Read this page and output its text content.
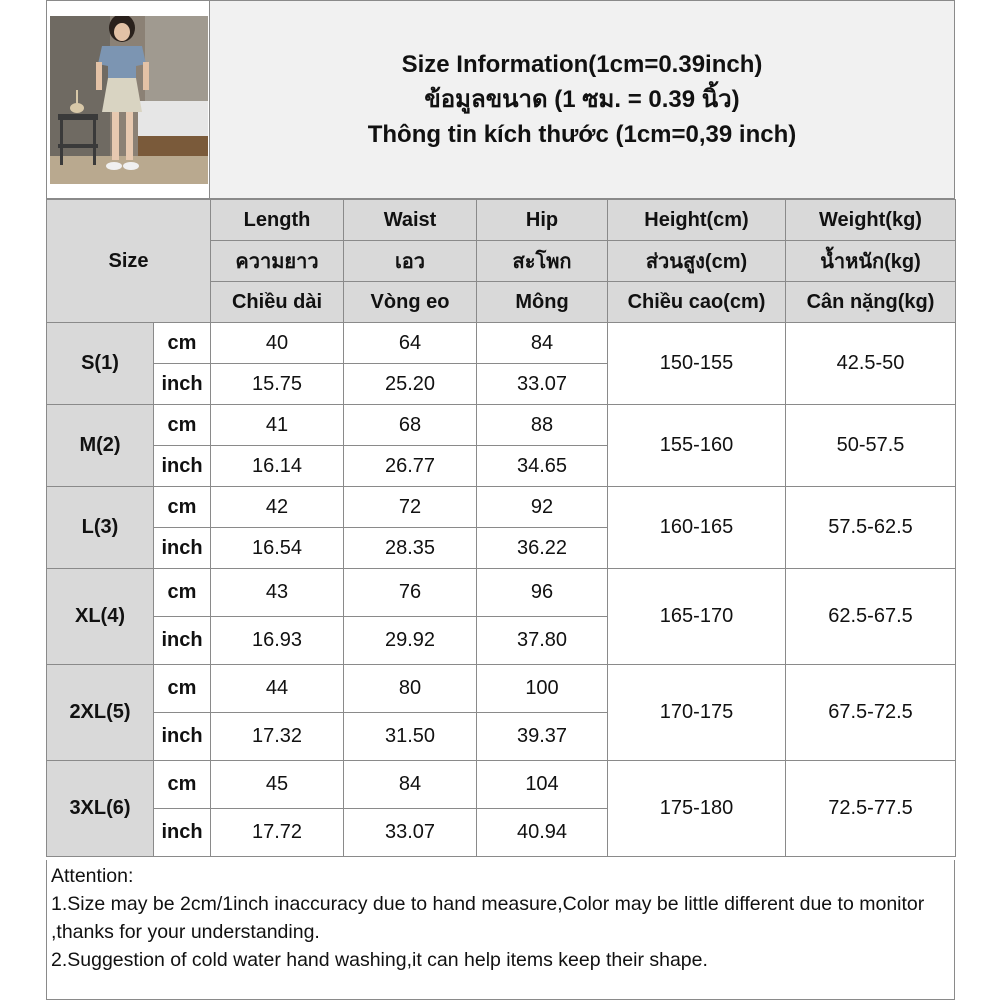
Size Information(1cm=0.39inch)
ข้อมูลขนาด (1 ซม. = 0.39 นิ้ว)
Thông tin kích thước (1cm=0,39 inch)
Size		Length	Waist	Hip	Height(cm)	Weight(kg)
		ความยาว	เอว	สะโพก	ส่วนสูง(cm)	น้ำหนัก(kg)
		Chiều dài	Vòng eo	Mông	Chiều cao(cm)	Cân nặng(kg)
S(1)	cm	40	64	84	150-155	42.5-50
	inch	15.75	25.20	33.07		
M(2)	cm	41	68	88	155-160	50-57.5
	inch	16.14	26.77	34.65		
L(3)	cm	42	72	92	160-165	57.5-62.5
	inch	16.54	28.35	36.22		
XL(4)	cm	43	76	96	165-170	62.5-67.5
	inch	16.93	29.92	37.80		
2XL(5)	cm	44	80	100	170-175	67.5-72.5
	inch	17.32	31.50	39.37		
3XL(6)	cm	45	84	104	175-180	72.5-77.5
	inch	17.72	33.07	40.94		
Attention:
1.Size may be 2cm/1inch inaccuracy due to hand measure,Color may be little different due to monitor ,thanks for your understanding.
2.Suggestion of cold water hand washing,it can help items keep their shape.
